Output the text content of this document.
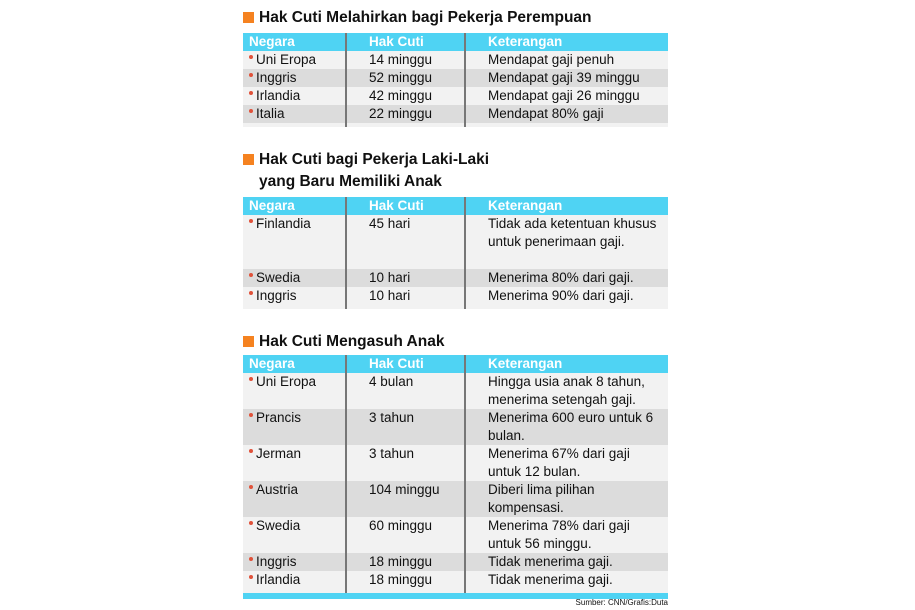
Hak Cuti Melahirkan bagi Pekerja Perempuan
Negara	Hak Cuti	Keterangan
Uni Eropa	14 minggu	Mendapat gaji penuh
Inggris	52 minggu	Mendapat gaji 39 minggu
Irlandia	42 minggu	Mendapat gaji 26 minggu
Italia	22 minggu	Mendapat 80% gaji
Hak Cuti bagi Pekerja Laki-Laki
yang Baru Memiliki Anak
Negara	Hak Cuti	Keterangan
Finlandia	45 hari	Tidak ada ketentuan khusus untuk penerimaan gaji.
Swedia	10 hari	Menerima 80% dari gaji.
Inggris	10 hari	Menerima 90% dari gaji.
Hak Cuti Mengasuh Anak
Negara	Hak Cuti	Keterangan
Uni Eropa	4 bulan	Hingga usia anak 8 tahun, menerima setengah gaji.
Prancis	3 tahun	Menerima 600 euro untuk 6 bulan.
Jerman	3 tahun	Menerima 67% dari gaji untuk 12 bulan.
Austria	104 minggu	Diberi lima pilihan kompensasi.
Swedia	60 minggu	Menerima 78% dari gaji untuk 56 minggu.
Inggris	18 minggu	Tidak menerima gaji.
Irlandia	18 minggu	Tidak menerima gaji.
Sumber: CNN/Grafis:Duta
